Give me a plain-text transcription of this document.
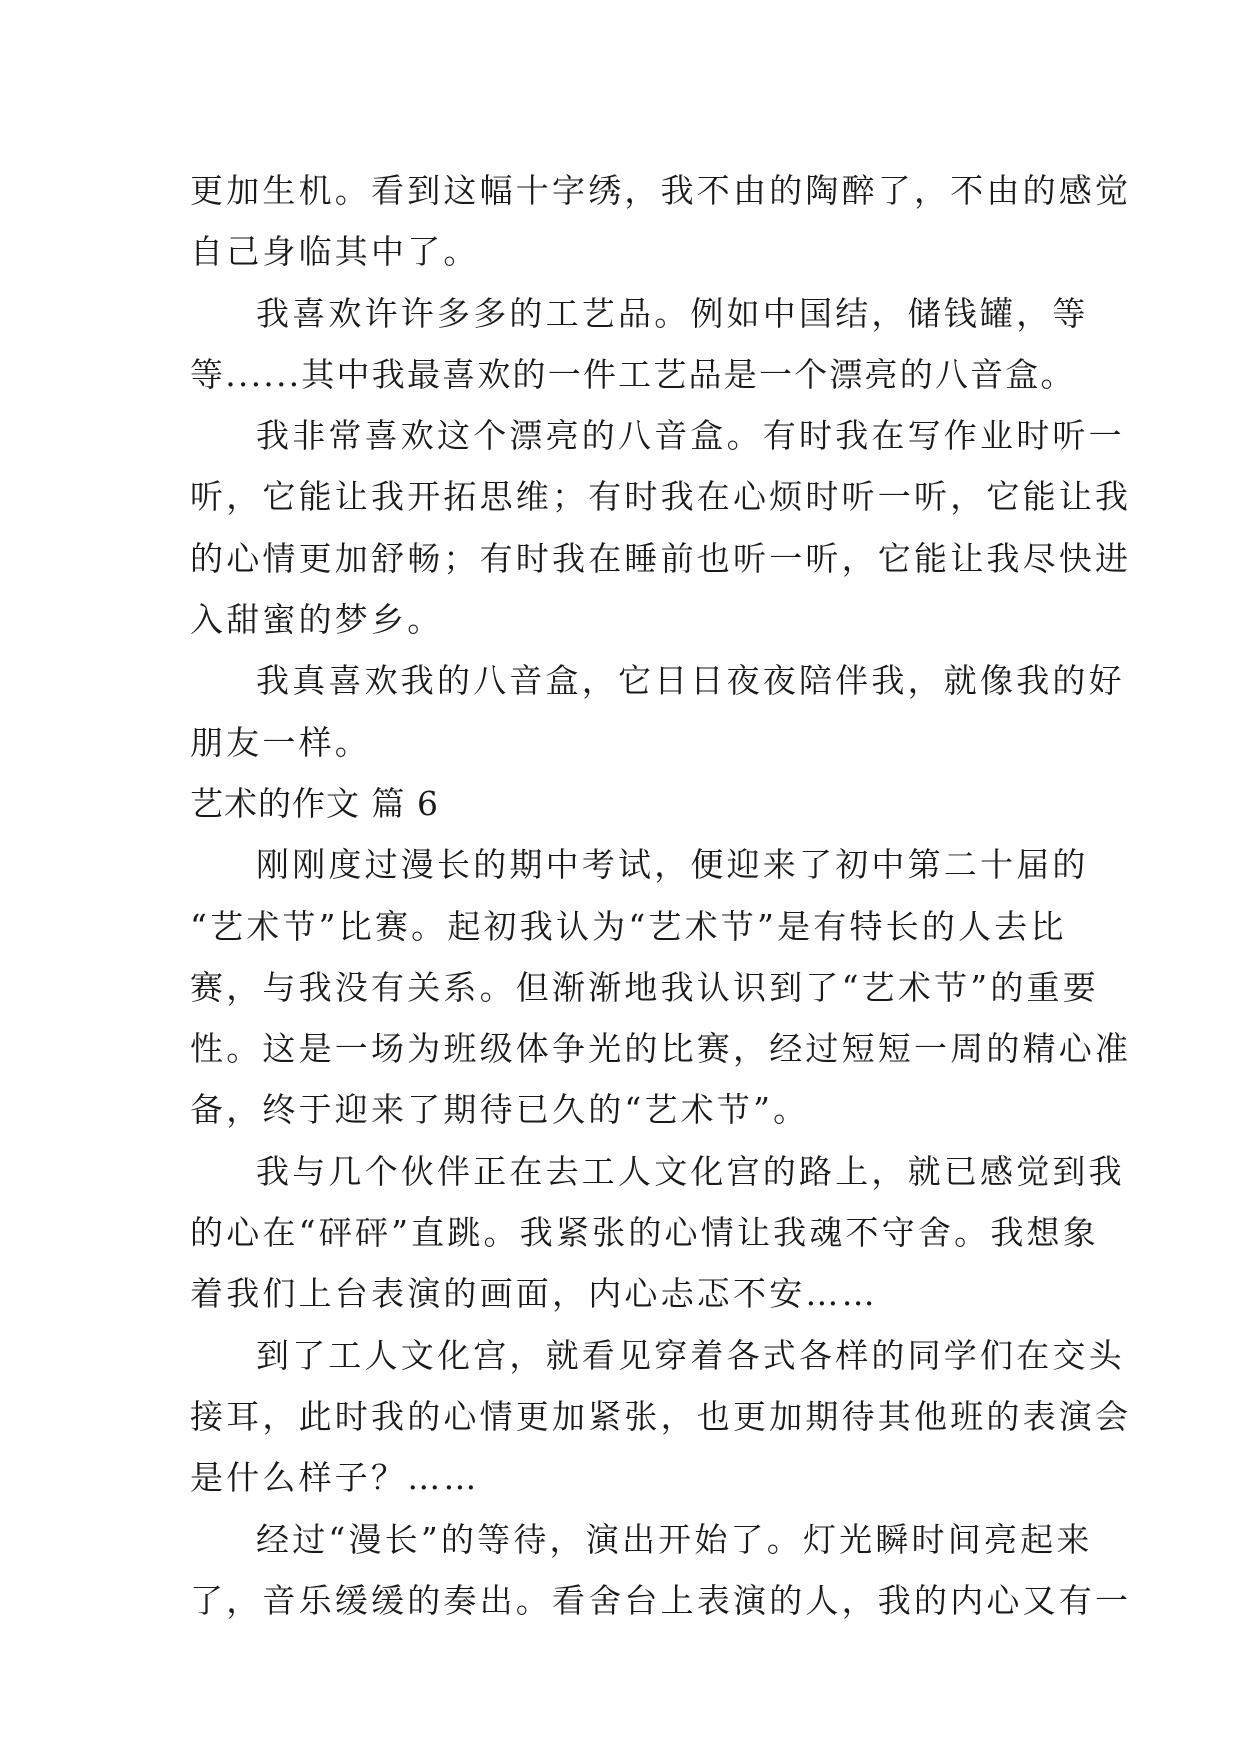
更加生机。看到这幅十字绣，我不由的陶醉了，不由的感觉
自己身临其中了。
我喜欢许许多多的工艺品。例如中国结，储钱罐，等
等......其中我最喜欢的一件工艺品是一个漂亮的八音盒。
我非常喜欢这个漂亮的八音盒。有时我在写作业时听一
听，它能让我开拓思维；有时我在心烦时听一听，它能让我
的心情更加舒畅；有时我在睡前也听一听，它能让我尽快进
入甜蜜的梦乡。
我真喜欢我的八音盒，它日日夜夜陪伴我，就像我的好
朋友一样。
艺术的作文 篇 6
刚刚度过漫长的期中考试，便迎来了初中第二十届的
“艺术节”比赛。起初我认为“艺术节”是有特长的人去比
赛，与我没有关系。但渐渐地我认识到了“艺术节”的重要
性。这是一场为班级体争光的比赛，经过短短一周的精心准
备，终于迎来了期待已久的“艺术节”。
我与几个伙伴正在去工人文化宫的路上，就已感觉到我
的心在“砰砰”直跳。我紧张的心情让我魂不守舍。我想象
着我们上台表演的画面，内心忐忑不安……
到了工人文化宫，就看见穿着各式各样的同学们在交头
接耳，此时我的心情更加紧张，也更加期待其他班的表演会
是什么样子？……
经过“漫长”的等待，演出开始了。灯光瞬时间亮起来
了，音乐缓缓的奏出。看舍台上表演的人，我的内心又有一
